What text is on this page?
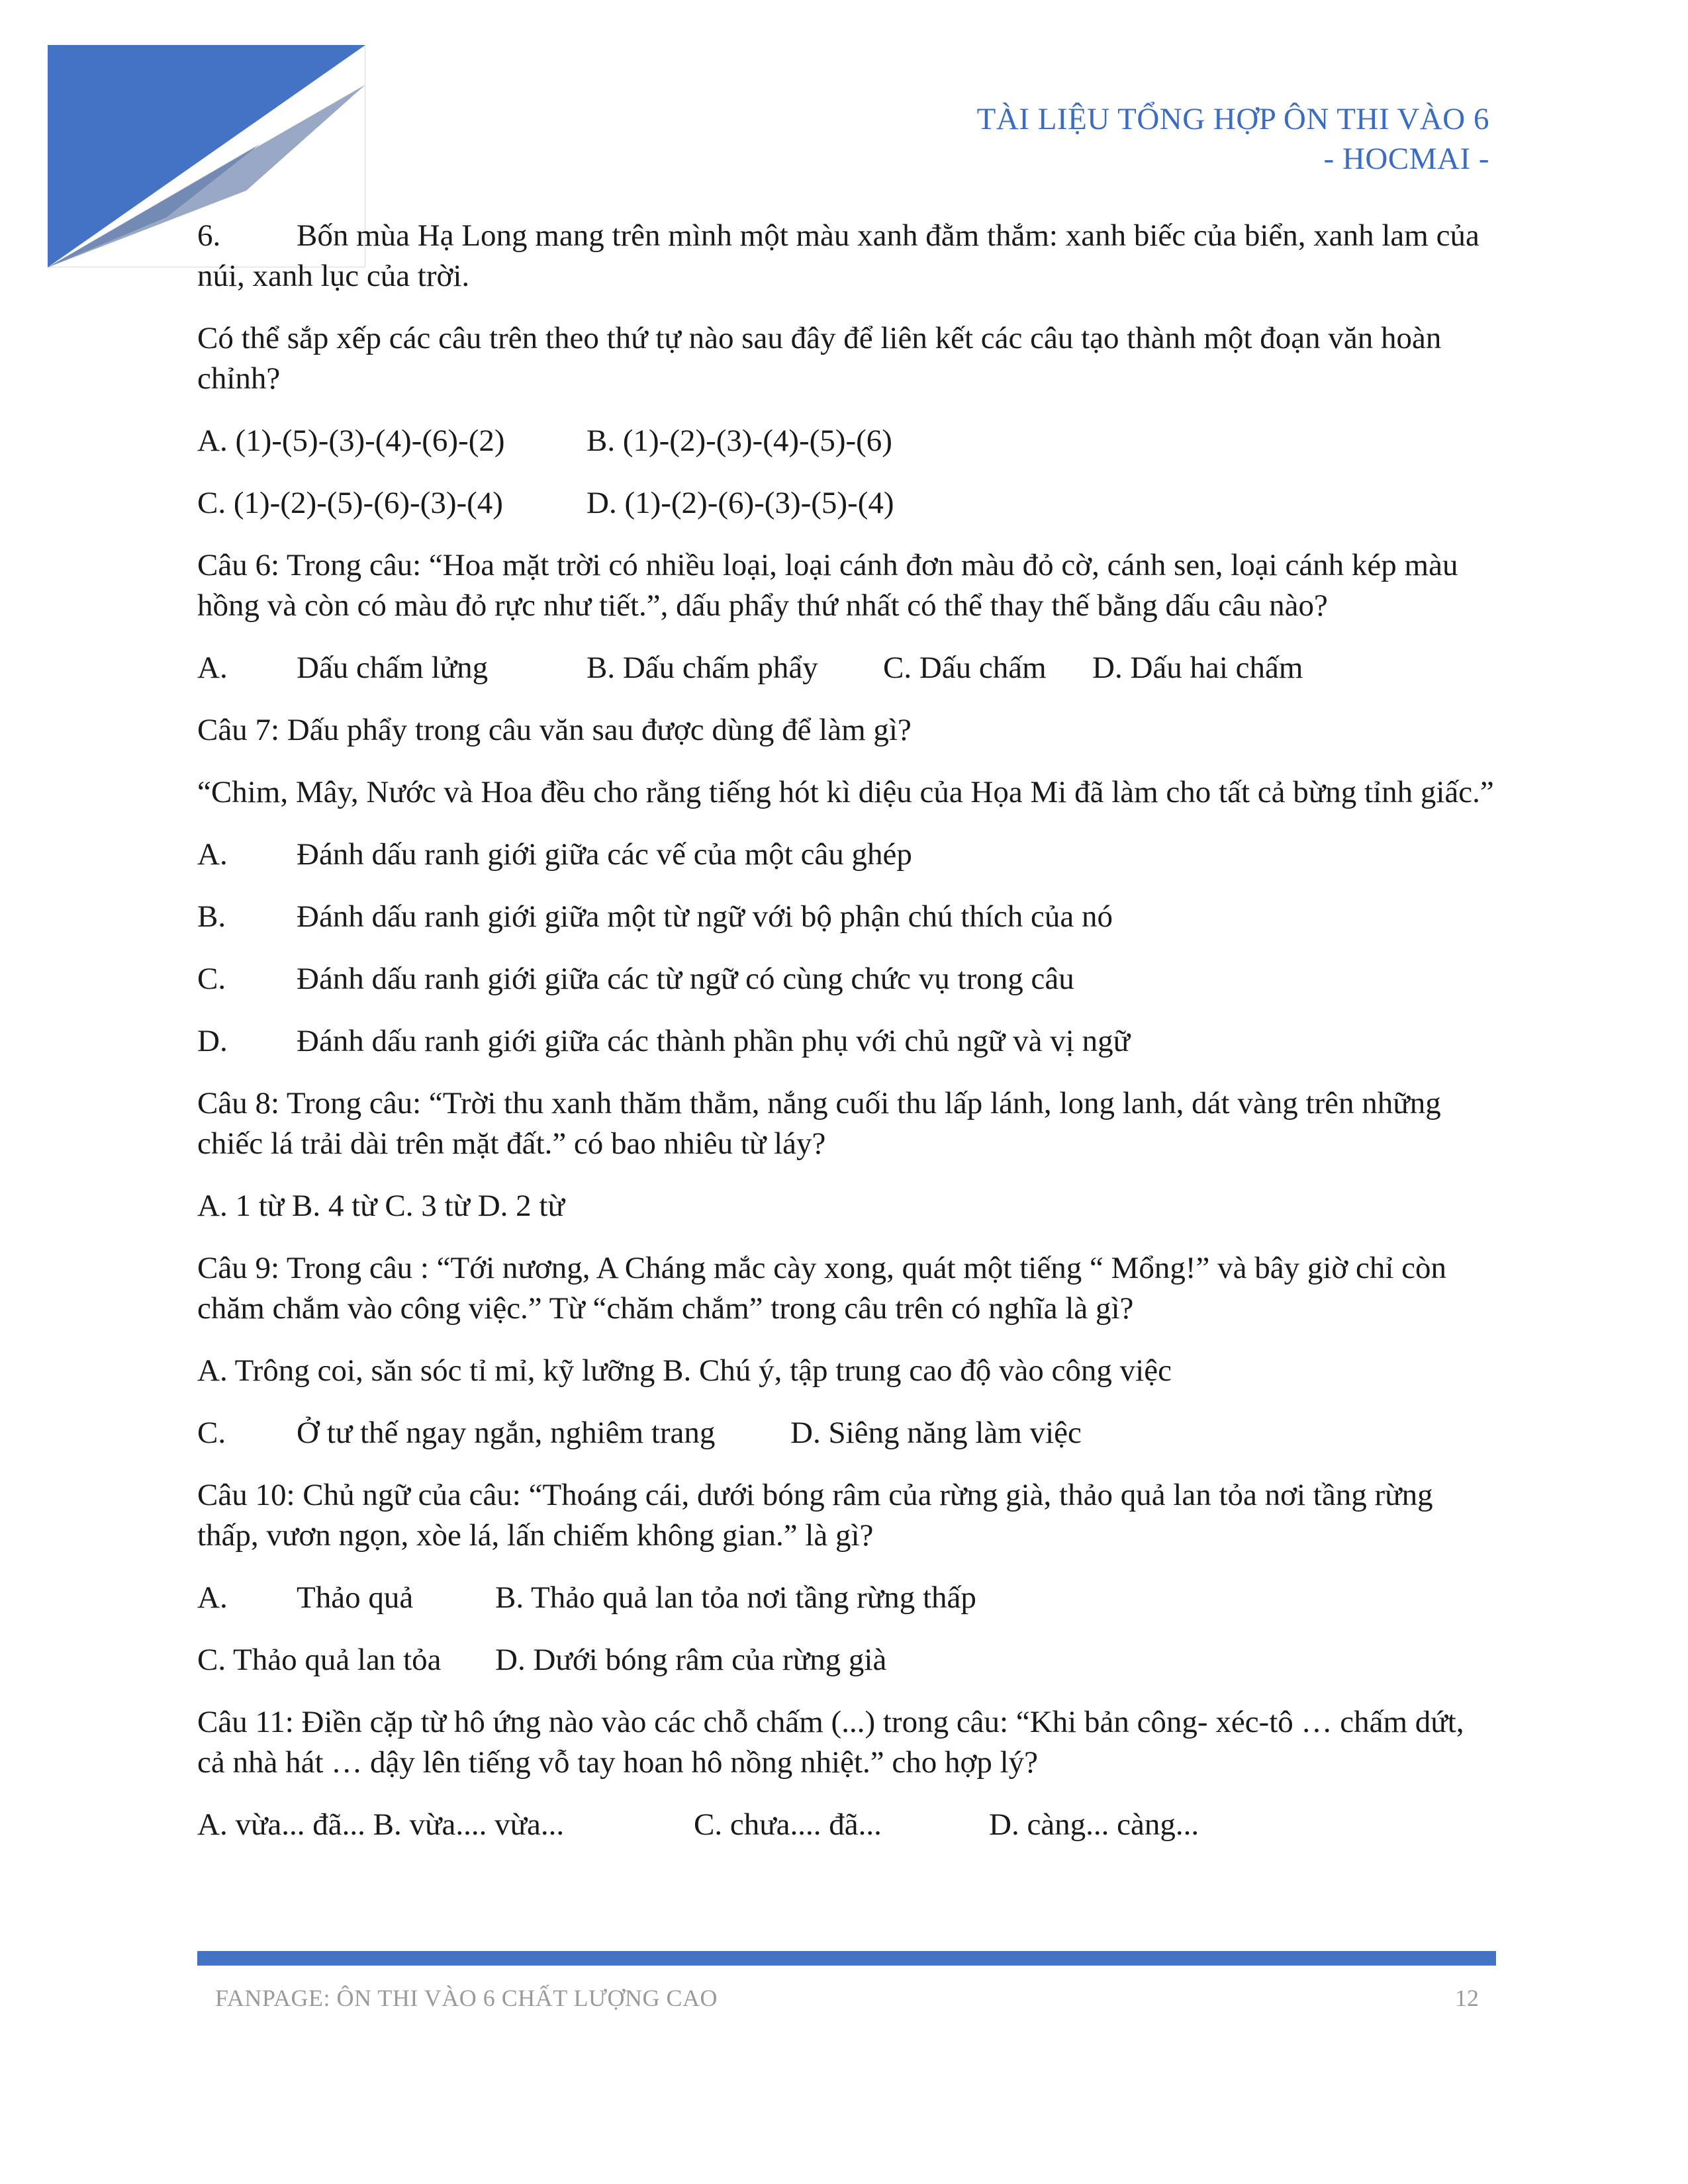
TÀI LIỆU TỔNG HỢP ÔN THI VÀO 6
- HOCMAI -
6. Bốn mùa Hạ Long mang trên mình một màu xanh đằm thắm: xanh biếc của biển, xanh lam của núi, xanh lục của trời.
Có thể sắp xếp các câu trên theo thứ tự nào sau đây để liên kết các câu tạo thành một đoạn văn hoàn chỉnh?
A. (1)-(5)-(3)-(4)-(6)-(2)	B. (1)-(2)-(3)-(4)-(5)-(6)
C. (1)-(2)-(5)-(6)-(3)-(4)	D. (1)-(2)-(6)-(3)-(5)-(4)
Câu 6: Trong câu: “Hoa mặt trời có nhiều loại, loại cánh đơn màu đỏ cờ, cánh sen, loại cánh kép màu hồng và còn có màu đỏ rực như tiết.”, dấu phẩy thứ nhất có thể thay thế bằng dấu câu nào?
A. Dấu chấm lửng	B. Dấu chấm phẩy C. Dấu chấm D. Dấu hai chấm
Câu 7: Dấu phẩy trong câu văn sau được dùng để làm gì?
“Chim, Mây, Nước và Hoa đều cho rằng tiếng hót kì diệu của Họa Mi đã làm cho tất cả bừng tỉnh giấc.”
A. Đánh dấu ranh giới giữa các vế của một câu ghép
B. Đánh dấu ranh giới giữa một từ ngữ với bộ phận chú thích của nó
C. Đánh dấu ranh giới giữa các từ ngữ có cùng chức vụ trong câu
D. Đánh dấu ranh giới giữa các thành phần phụ với chủ ngữ và vị ngữ
Câu 8: Trong câu: “Trời thu xanh thăm thẳm, nắng cuối thu lấp lánh, long lanh, dát vàng trên những chiếc lá trải dài trên mặt đất.” có bao nhiêu từ láy?
A. 1 từ B. 4 từ C. 3 từ D. 2 từ
Câu 9: Trong câu : “Tới nương, A Cháng mắc cày xong, quát một tiếng “ Mổng!” và bây giờ chỉ còn chăm chắm vào công việc.” Từ “chăm chắm” trong câu trên có nghĩa là gì?
A. Trông coi, săn sóc tỉ mỉ, kỹ lưỡng B. Chú ý, tập trung cao độ vào công việc
C. Ở tư thế ngay ngắn, nghiêm trang D. Siêng năng làm việc
Câu 10: Chủ ngữ của câu: “Thoáng cái, dưới bóng râm của rừng già, thảo quả lan tỏa nơi tầng rừng thấp, vươn ngọn, xòe lá, lấn chiếm không gian.” là gì?
A. Thảo quả	B. Thảo quả lan tỏa nơi tầng rừng thấp
C. Thảo quả lan tỏa D. Dưới bóng râm của rừng già
Câu 11: Điền cặp từ hô ứng nào vào các chỗ chấm (...) trong câu: “Khi bản công- xéc-tô … chấm dứt, cả nhà hát … dậy lên tiếng vỗ tay hoan hô nồng nhiệt.” cho hợp lý?
A. vừa... đã... B. vừa.... vừa...	C. chưa.... đã...	D. càng... càng...
FANPAGE: ÔN THI VÀO 6 CHẤT LƯỢNG CAO	12
